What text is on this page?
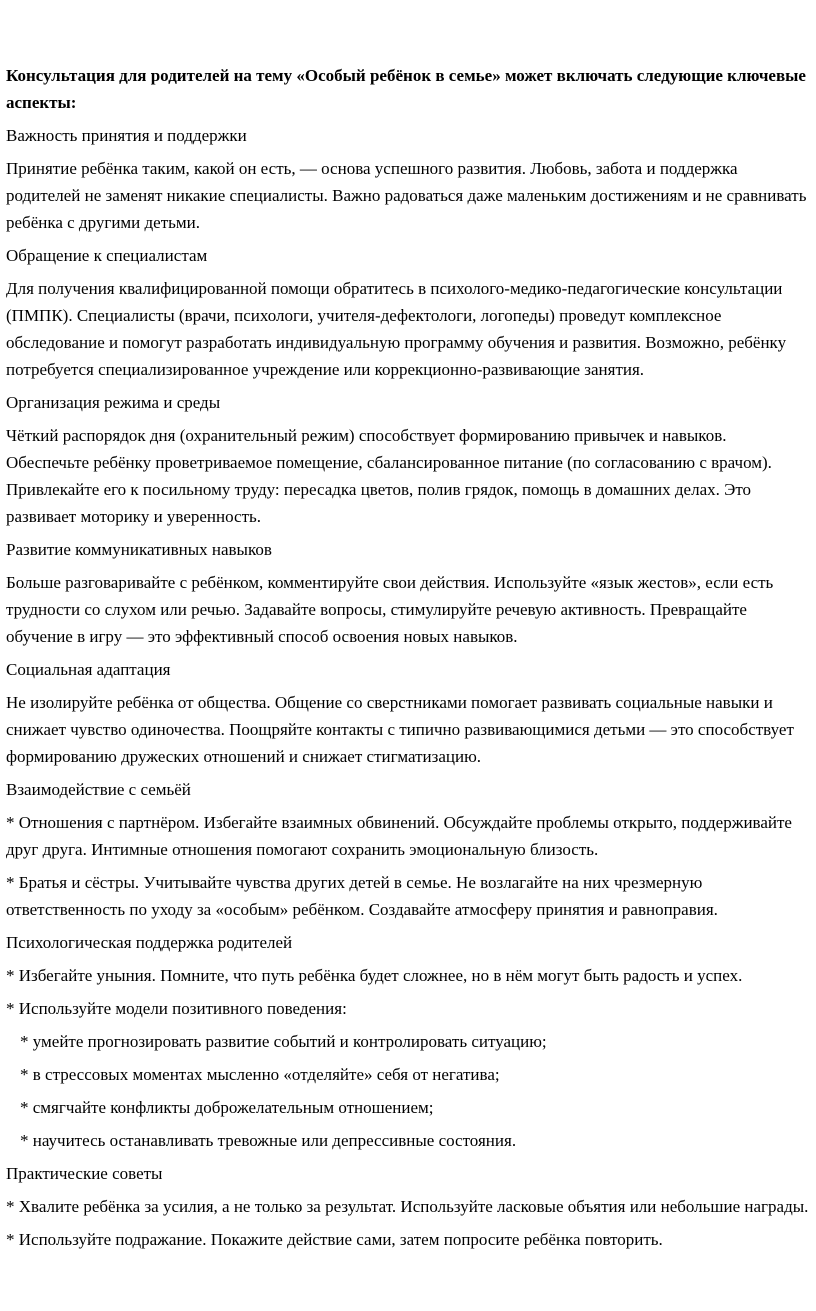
Консультация для родителей на тему «Особый ребёнок в семье» может включать следующие ключевые аспекты:

Важность принятия и поддержки

Принятие ребёнка таким, какой он есть, — основа успешного развития. Любовь, забота и поддержка родителей не заменят никакие специалисты. Важно радоваться даже маленьким достижениям и не сравнивать ребёнка с другими детьми.

Обращение к специалистам

Для получения квалифицированной помощи обратитесь в психолого-медико-педагогические консультации (ПМПК). Специалисты (врачи, психологи, учителя-дефектологи, логопеды) проведут комплексное обследование и помогут разработать индивидуальную программу обучения и развития. Возможно, ребёнку потребуется специализированное учреждение или коррекционно-развивающие занятия.

Организация режима и среды

Чёткий распорядок дня (охранительный режим) способствует формированию привычек и навыков. Обеспечьте ребёнку проветриваемое помещение, сбалансированное питание (по согласованию с врачом). Привлекайте его к посильному труду: пересадка цветов, полив грядок, помощь в домашних делах. Это развивает моторику и уверенность.

Развитие коммуникативных навыков

Больше разговаривайте с ребёнком, комментируйте свои действия. Используйте «язык жестов», если есть трудности со слухом или речью. Задавайте вопросы, стимулируйте речевую активность. Превращайте обучение в игру — это эффективный способ освоения новых навыков.

Социальная адаптация

Не изолируйте ребёнка от общества. Общение со сверстниками помогает развивать социальные навыки и снижает чувство одиночества. Поощряйте контакты с типично развивающимися детьми — это способствует формированию дружеских отношений и снижает стигматизацию.

Взаимодействие с семьёй

* Отношения с партнёром. Избегайте взаимных обвинений. Обсуждайте проблемы открыто, поддерживайте друг друга. Интимные отношения помогают сохранить эмоциональную близость.

* Братья и сёстры. Учитывайте чувства других детей в семье. Не возлагайте на них чрезмерную ответственность по уходу за «особым» ребёнком. Создавайте атмосферу принятия и равноправия.

Психологическая поддержка родителей

* Избегайте уныния. Помните, что путь ребёнка будет сложнее, но в нём могут быть радость и успех.

* Используйте модели позитивного поведения:

* умейте прогнозировать развитие событий и контролировать ситуацию;

* в стрессовых моментах мысленно «отделяйте» себя от негатива;

* смягчайте конфликты доброжелательным отношением;

* научитесь останавливать тревожные или депрессивные состояния.

Практические советы

* Хвалите ребёнка за усилия, а не только за результат. Используйте ласковые объятия или небольшие награды.

* Используйте подражание. Покажите действие сами, затем попросите ребёнка повторить.
